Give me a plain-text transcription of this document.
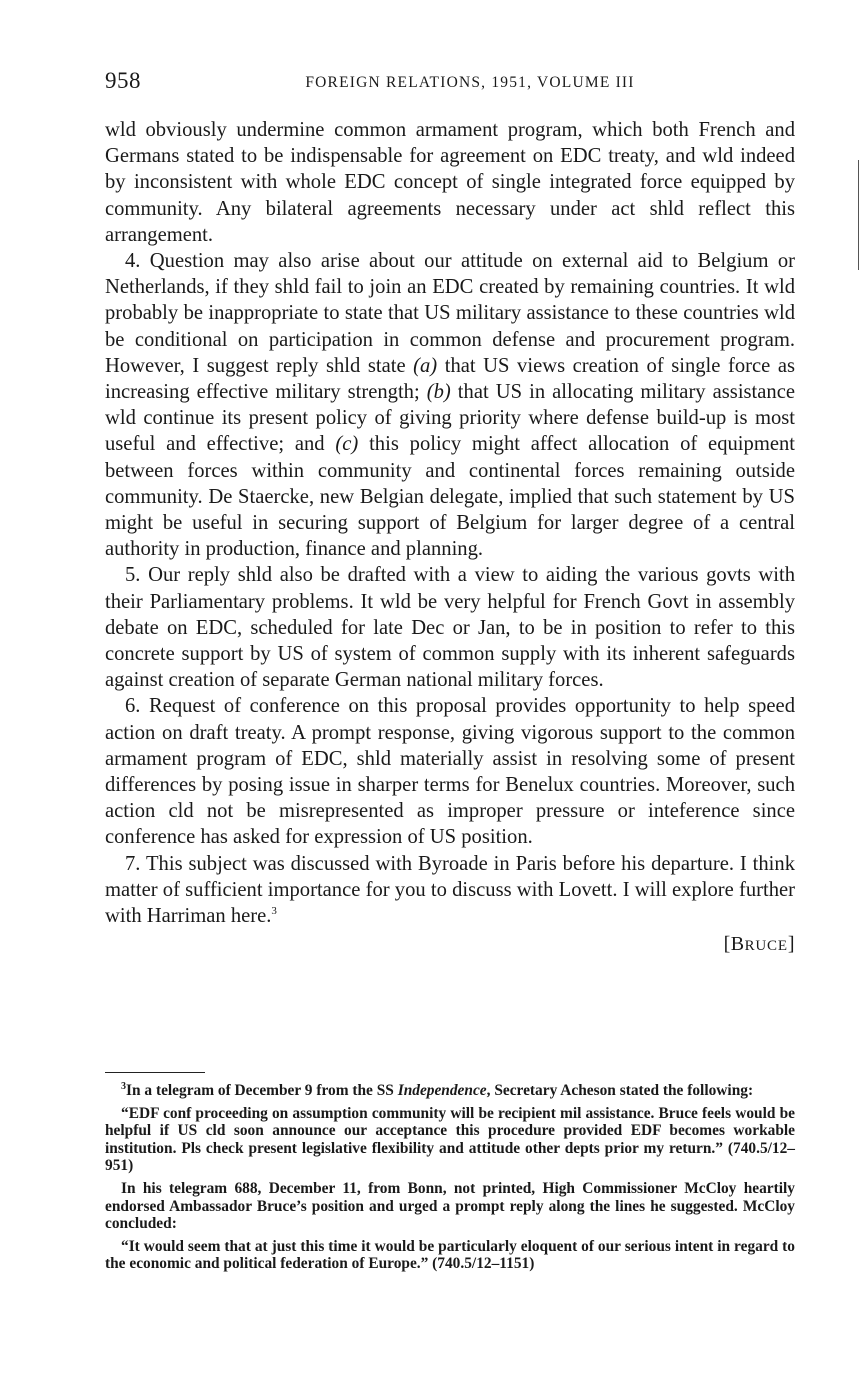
958	FOREIGN RELATIONS, 1951, VOLUME III

wld obviously undermine common armament program, which both French and Germans stated to be indispensable for agreement on EDC treaty, and wld indeed by inconsistent with whole EDC concept of single integrated force equipped by community. Any bilateral agreements necessary under act shld reflect this arrangement.

4. Question may also arise about our attitude on external aid to Belgium or Netherlands, if they shld fail to join an EDC created by remaining countries. It wld probably be inappropriate to state that US military assistance to these countries wld be conditional on participation in common defense and procurement program. However, I suggest reply shld state (a) that US views creation of single force as increasing effective military strength; (b) that US in allocating military assistance wld continue its present policy of giving priority where defense build-up is most useful and effective; and (c) this policy might affect allocation of equipment between forces within community and continental forces remaining outside community. De Staercke, new Belgian delegate, implied that such statement by US might be useful in securing support of Belgium for larger degree of a central authority in production, finance and planning.

5. Our reply shld also be drafted with a view to aiding the various govts with their Parliamentary problems. It wld be very helpful for French Govt in assembly debate on EDC, scheduled for late Dec or Jan, to be in position to refer to this concrete support by US of system of common supply with its inherent safeguards against creation of separate German national military forces.

6. Request of conference on this proposal provides opportunity to help speed action on draft treaty. A prompt response, giving vigorous support to the common armament program of EDC, shld materially assist in resolving some of present differences by posing issue in sharper terms for Benelux countries. Moreover, such action cld not be misrepresented as improper pressure or inteference since conference has asked for expression of US position.

7. This subject was discussed with Byroade in Paris before his departure. I think matter of sufficient importance for you to discuss with Lovett. I will explore further with Harriman here.$^3$

[BRUCE]

$^3$In a telegram of December 9 from the SS Independence, Secretary Acheson stated the following:

“EDF conf proceeding on assumption community will be recipient mil assistance. Bruce feels would be helpful if US cld soon announce our acceptance this procedure provided EDF becomes workable institution. Pls check present legislative flexibility and attitude other depts prior my return.” (740.5/12–951)

In his telegram 688, December 11, from Bonn, not printed, High Commissioner McCloy heartily endorsed Ambassador Bruce’s position and urged a prompt reply along the lines he suggested. McCloy concluded:

“It would seem that at just this time it would be particularly eloquent of our serious intent in regard to the economic and political federation of Europe.” (740.5/12–1151)
